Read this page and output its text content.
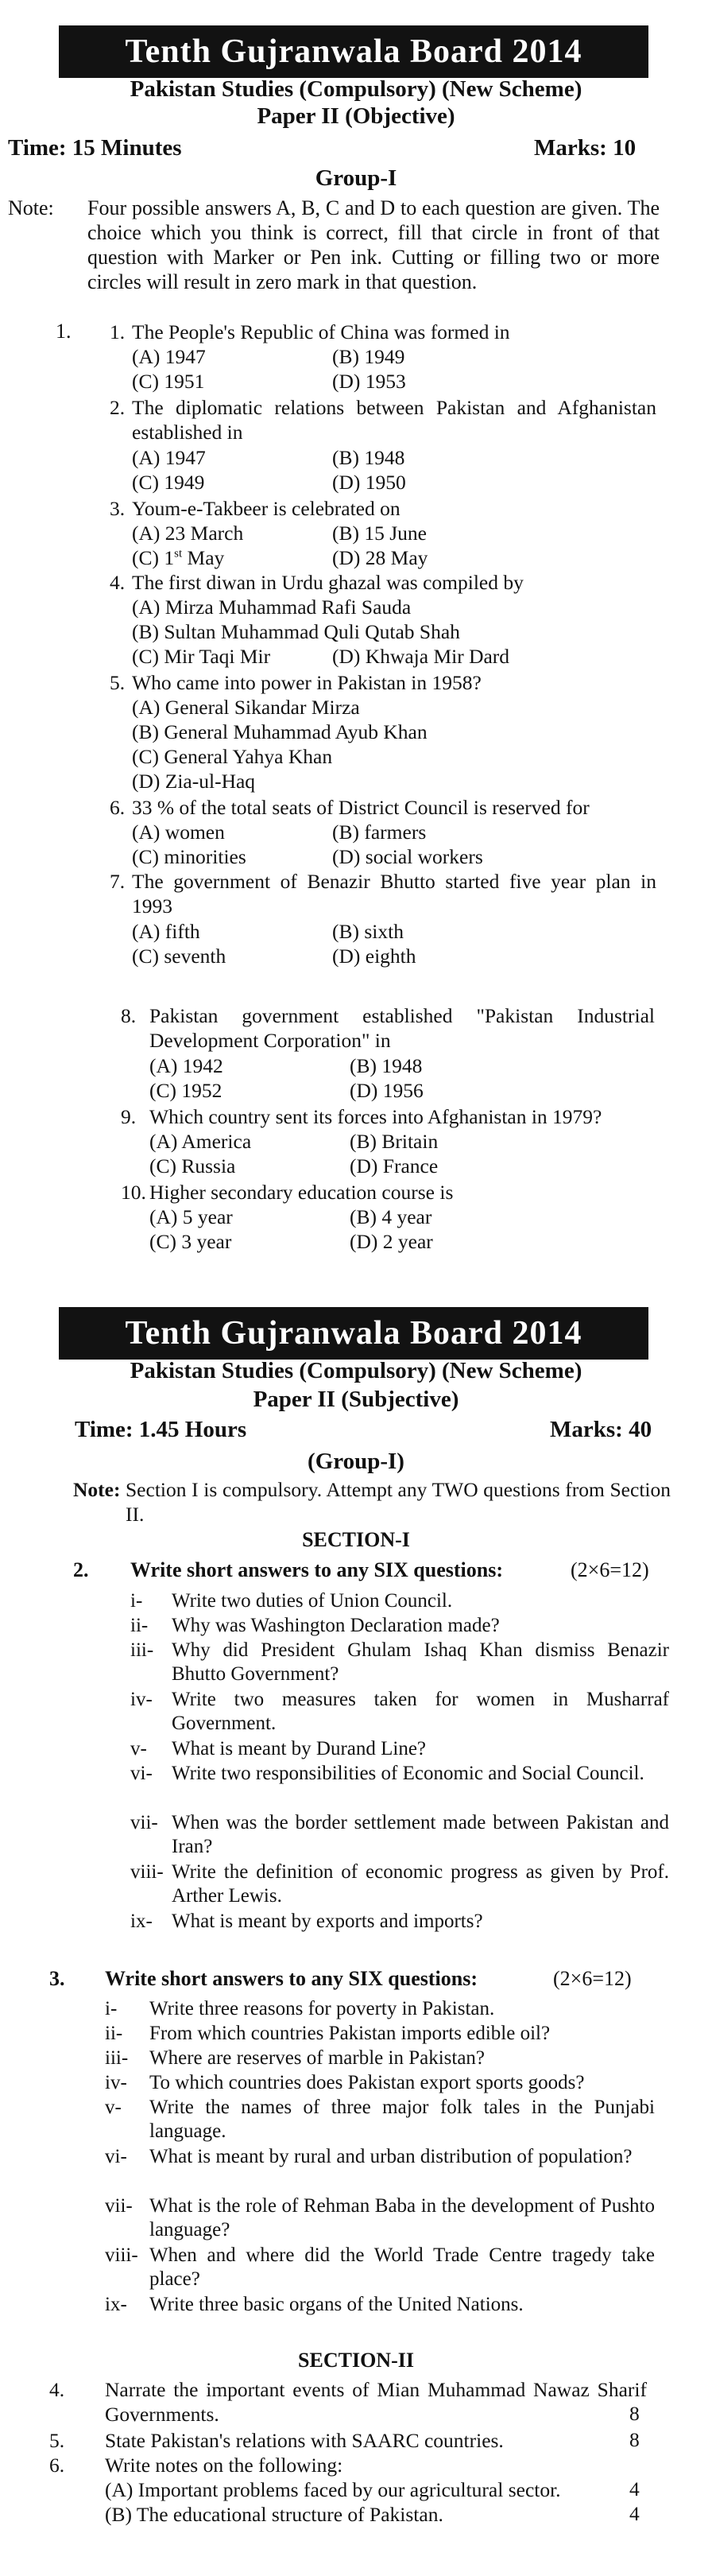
Tenth Gujranwala Board 2014
Pakistan Studies (Compulsory) (New Scheme)
Paper II (Objective)
Time: 15 Minutes	Marks: 10
Group-I
Note: Four possible answers A, B, C and D to each question are given. The choice which you think is correct, fill that circle in front of that question with Marker or Pen ink. Cutting or filling two or more circles will result in zero mark in that question.
1. 1. The People's Republic of China was formed in
(A) 1947	(B) 1949
(C) 1951	(D) 1953
2. The diplomatic relations between Pakistan and Afghanistan established in
(A) 1947	(B) 1948
(C) 1949	(D) 1950
3. Youm-e-Takbeer is celebrated on
(A) 23 March	(B) 15 June
(C) 1st May	(D) 28 May
4. The first diwan in Urdu ghazal was compiled by
(A) Mirza Muhammad Rafi Sauda
(B) Sultan Muhammad Quli Qutab Shah
(C) Mir Taqi Mir	(D) Khwaja Mir Dard
5. Who came into power in Pakistan in 1958?
(A) General Sikandar Mirza
(B) General Muhammad Ayub Khan
(C) General Yahya Khan
(D) Zia-ul-Haq
6. 33 % of the total seats of District Council is reserved for
(A) women	(B) farmers
(C) minorities	(D) social workers
7. The government of Benazir Bhutto started five year plan in 1993
(A) fifth	(B) sixth
(C) seventh	(D) eighth
8. Pakistan government established "Pakistan Industrial Development Corporation" in
(A) 1942	(B) 1948
(C) 1952	(D) 1956
9. Which country sent its forces into Afghanistan in 1979?
(A) America	(B) Britain
(C) Russia	(D) France
10. Higher secondary education course is
(A) 5 year	(B) 4 year
(C) 3 year	(D) 2 year
Tenth Gujranwala Board 2014
Pakistan Studies (Compulsory) (New Scheme)
Paper II (Subjective)
Time: 1.45 Hours	Marks: 40
(Group-I)
Note: Section I is compulsory. Attempt any TWO questions from Section II.
SECTION-I
2. Write short answers to any SIX questions:	(2×6=12)
i- Write two duties of Union Council.
ii- Why was Washington Declaration made?
iii- Why did President Ghulam Ishaq Khan dismiss Benazir Bhutto Government?
iv- Write two measures taken for women in Musharraf Government.
v- What is meant by Durand Line?
vi- Write two responsibilities of Economic and Social Council.
vii- When was the border settlement made between Pakistan and Iran?
viii- Write the definition of economic progress as given by Prof. Arther Lewis.
ix- What is meant by exports and imports?
3. Write short answers to any SIX questions:	(2×6=12)
i- Write three reasons for poverty in Pakistan.
ii- From which countries Pakistan imports edible oil?
iii- Where are reserves of marble in Pakistan?
iv- To which countries does Pakistan export sports goods?
v- Write the names of three major folk tales in the Punjabi language.
vi- What is meant by rural and urban distribution of population?
vii- What is the role of Rehman Baba in the development of Pushto language?
viii- When and where did the World Trade Centre tragedy take place?
ix- Write three basic organs of the United Nations.
SECTION-II
4. Narrate the important events of Mian Muhammad Nawaz Sharif Governments.	8
5. State Pakistan's relations with SAARC countries.	8
6. Write notes on the following:
(A) Important problems faced by our agricultural sector.	4
(B) The educational structure of Pakistan.	4
